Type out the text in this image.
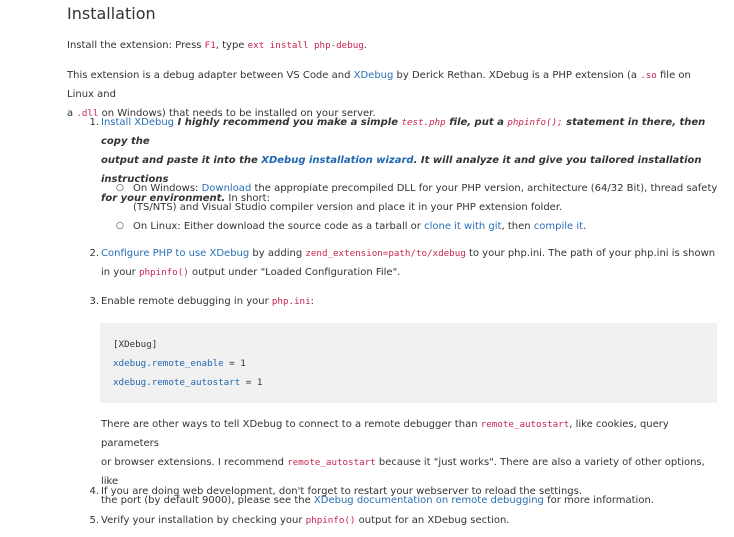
Installation

Install the extension: Press F1, type ext install php-debug.

This extension is a debug adapter between VS Code and XDebug by Derick Rethan. XDebug is a PHP extension (a .so file on Linux and
a .dll on Windows) that needs to be installed on your server.

1. Install XDebug I highly recommend you make a simple test.php file, put a phpinfo(); statement in there, then copy the
output and paste it into the XDebug installation wizard. It will analyze it and give you tailored installation instructions
for your environment. In short:

○ On Windows: Download the appropiate precompiled DLL for your PHP version, architecture (64/32 Bit), thread safety
(TS/NTS) and Visual Studio compiler version and place it in your PHP extension folder.

○ On Linux: Either download the source code as a tarball or clone it with git, then compile it.

2. Configure PHP to use XDebug by adding zend_extension=path/to/xdebug to your php.ini. The path of your php.ini is shown
in your phpinfo() output under "Loaded Configuration File".

3. Enable remote debugging in your php.ini:

[XDebug]
xdebug.remote_enable = 1
xdebug.remote_autostart = 1

There are other ways to tell XDebug to connect to a remote debugger than remote_autostart, like cookies, query parameters
or browser extensions. I recommend remote_autostart because it "just works". There are also a variety of other options, like
the port (by default 9000), please see the XDebug documentation on remote debugging for more information.

4. If you are doing web development, don't forget to restart your webserver to reload the settings.

5. Verify your installation by checking your phpinfo() output for an XDebug section.
